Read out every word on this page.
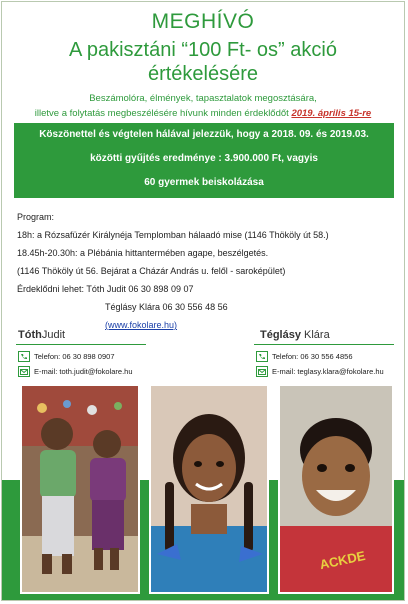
MEGHÍVÓ
A pakisztáni “100 Ft- os” akció
értékelésére
Beszámolóra, élmények, tapasztalatok megosztására,
illetve a folytatás megbeszélésére hívunk minden érdeklődőt 2019. április 15-re
Köszönettel és végtelen hálával jelezzük, hogy a 2018. 09. és 2019.03.
közötti gyűjtés eredménye : 3.900.000 Ft, vagyis
60 gyermek beiskolázása
Program:
18h: a Rózsafüzér Királynéja Templomban hálaadó mise (1146 Thököly út 58.)
18.45h-20.30h: a Plébánia hittantermében agape, beszélgetés.
(1146 Thököly út 56. Bejárat a Cházár András u. felől - saroképület)
Érdeklődni lehet: Tóth Judit 06 30 898 09 07
Téglásy Klára 06 30 556 48 56
(www.fokolare.hu)
TóthJudit
Telefon: 06 30 898 0907
E-mail: toth.judit@fokolare.hu
Téglásy Klára
Telefon: 06 30 556 4856
E-mail: teglasy.klara@fokolare.hu
ACKDE
